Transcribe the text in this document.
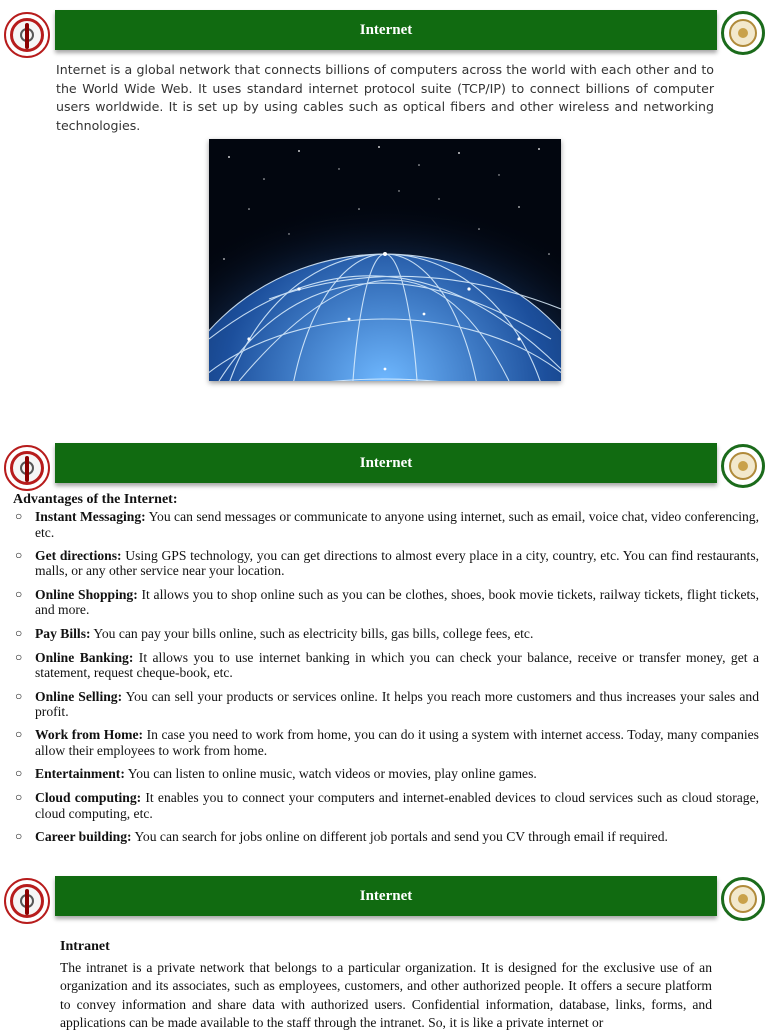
Internet

Internet is a global network that connects billions of computers across the world with each other and to the World Wide Web. It uses standard internet protocol suite (TCP/IP) to connect billions of computer users worldwide. It is set up by using cables such as optical fibers and other wireless and networking technologies.

Internet

Advantages of the Internet:

○ Instant Messaging: You can send messages or communicate to anyone using internet, such as email, voice chat, video conferencing, etc.
○ Get directions: Using GPS technology, you can get directions to almost every place in a city, country, etc. You can find restaurants, malls, or any other service near your location.
○ Online Shopping: It allows you to shop online such as you can be clothes, shoes, book movie tickets, railway tickets, flight tickets, and more.
○ Pay Bills: You can pay your bills online, such as electricity bills, gas bills, college fees, etc.
○ Online Banking: It allows you to use internet banking in which you can check your balance, receive or transfer money, get a statement, request cheque-book, etc.
○ Online Selling: You can sell your products or services online. It helps you reach more customers and thus increases your sales and profit.
○ Work from Home: In case you need to work from home, you can do it using a system with internet access. Today, many companies allow their employees to work from home.
○ Entertainment: You can listen to online music, watch videos or movies, play online games.
○ Cloud computing: It enables you to connect your computers and internet-enabled devices to cloud services such as cloud storage, cloud computing, etc.
○ Career building: You can search for jobs online on different job portals and send you CV through email if required.
Internet

Intranet

The intranet is a private network that belongs to a particular organization. It is designed for the exclusive use of an organization and its associates, such as employees, customers, and other authorized people. It offers a secure platform to convey information and share data with authorized users. Confidential information, database, links, forms, and applications can be made available to the staff through the intranet. So, it is like a private internet or
